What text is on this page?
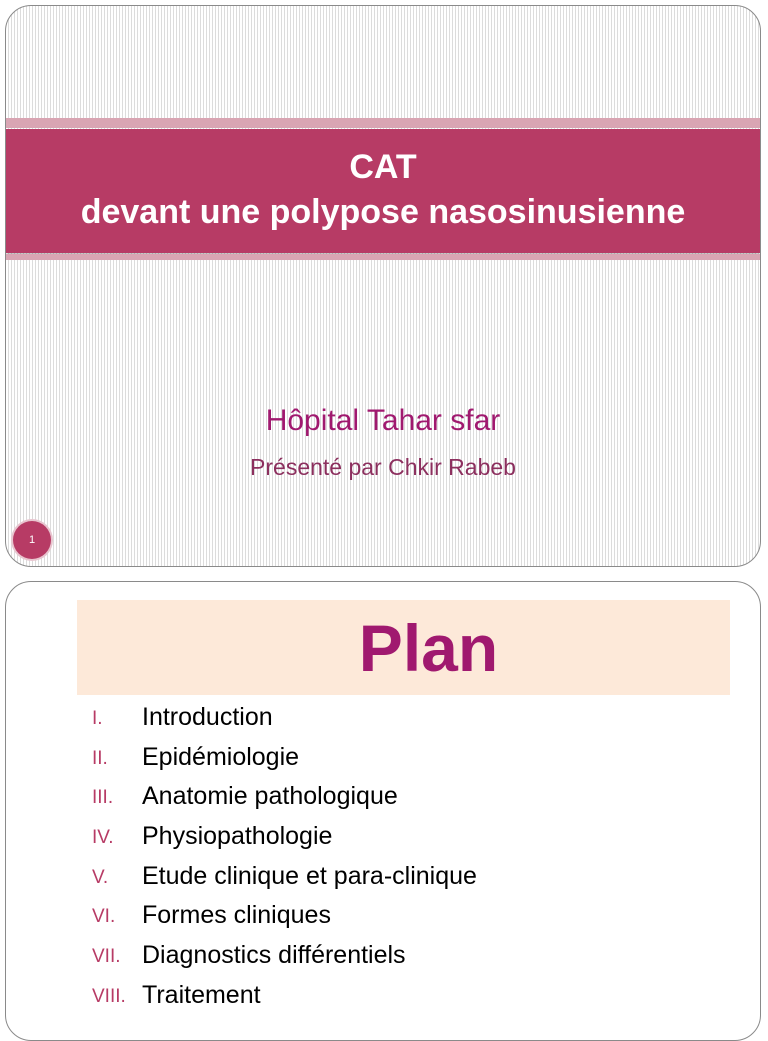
CAT
devant une polypose nasosinusienne
Hôpital Tahar sfar
Présenté par Chkir Rabeb
1
Plan
I.	Introduction
II.	Epidémiologie
III.	Anatomie pathologique
IV.	Physiopathologie
V.	Etude clinique et para-clinique
VI.	Formes cliniques
VII. Diagnostics différentiels
VIII. Traitement
